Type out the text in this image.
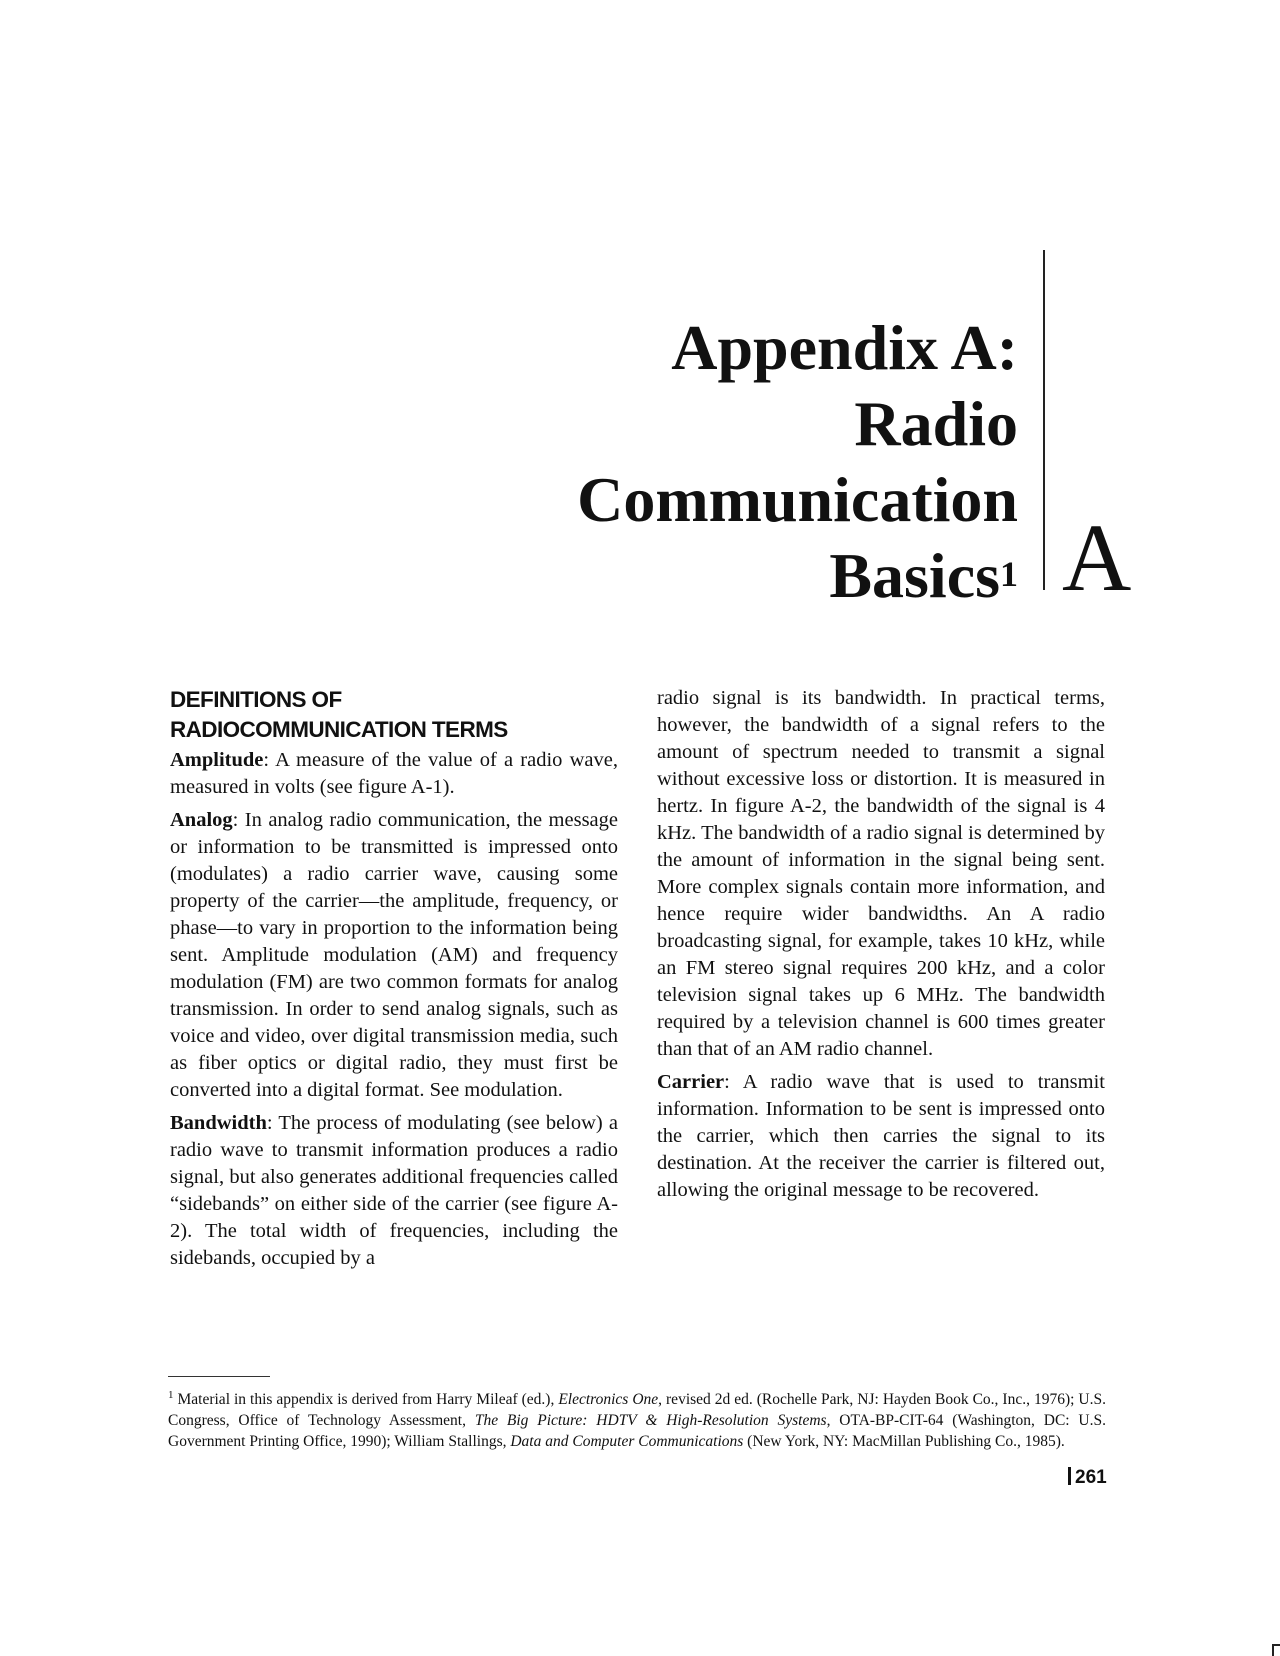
Appendix A:
Radio
Communication
Basics$^1$ A
DEFINITIONS OF
RADIOCOMMUNICATION TERMS

Amplitude: A measure of the value of a radio wave, measured in volts (see figure A-1).

Analog: In analog radio communication, the message or information to be transmitted is impressed onto (modulates) a radio carrier wave, causing some property of the carrier—the amplitude, frequency, or phase—to vary in proportion to the information being sent. Amplitude modulation (AM) and frequency modulation (FM) are two common formats for analog transmission. In order to send analog signals, such as voice and video, over digital transmission media, such as fiber optics or digital radio, they must first be converted into a digital format. See modulation.

Bandwidth: The process of modulating (see below) a radio wave to transmit information produces a radio signal, but also generates additional frequencies called “sidebands” on either side of the carrier (see figure A-2). The total width of frequencies, including the sidebands, occupied by a

radio signal is its bandwidth. In practical terms, however, the bandwidth of a signal refers to the amount of spectrum needed to transmit a signal without excessive loss or distortion. It is measured in hertz. In figure A-2, the bandwidth of the signal is 4 kHz. The bandwidth of a radio signal is determined by the amount of information in the signal being sent. More complex signals contain more information, and hence require wider bandwidths. An A radio broadcasting signal, for example, takes 10 kHz, while an FM stereo signal requires 200 kHz, and a color television signal takes up 6 MHz. The bandwidth required by a television channel is 600 times greater than that of an AM radio channel.

Carrier: A radio wave that is used to transmit information. Information to be sent is impressed onto the carrier, which then carries the signal to its destination. At the receiver the carrier is filtered out, allowing the original message to be recovered.

$^1$ Material in this appendix is derived from Harry Mileaf (ed.), Electronics One, revised 2d ed. (Rochelle Park, NJ: Hayden Book Co., Inc., 1976); U.S. Congress, Office of Technology Assessment, The Big Picture: HDTV & High-Resolution Systems, OTA-BP-CIT-64 (Washington, DC: U.S. Government Printing Office, 1990); William Stallings, Data and Computer Communications (New York, NY: MacMillan Publishing Co., 1985).
261
